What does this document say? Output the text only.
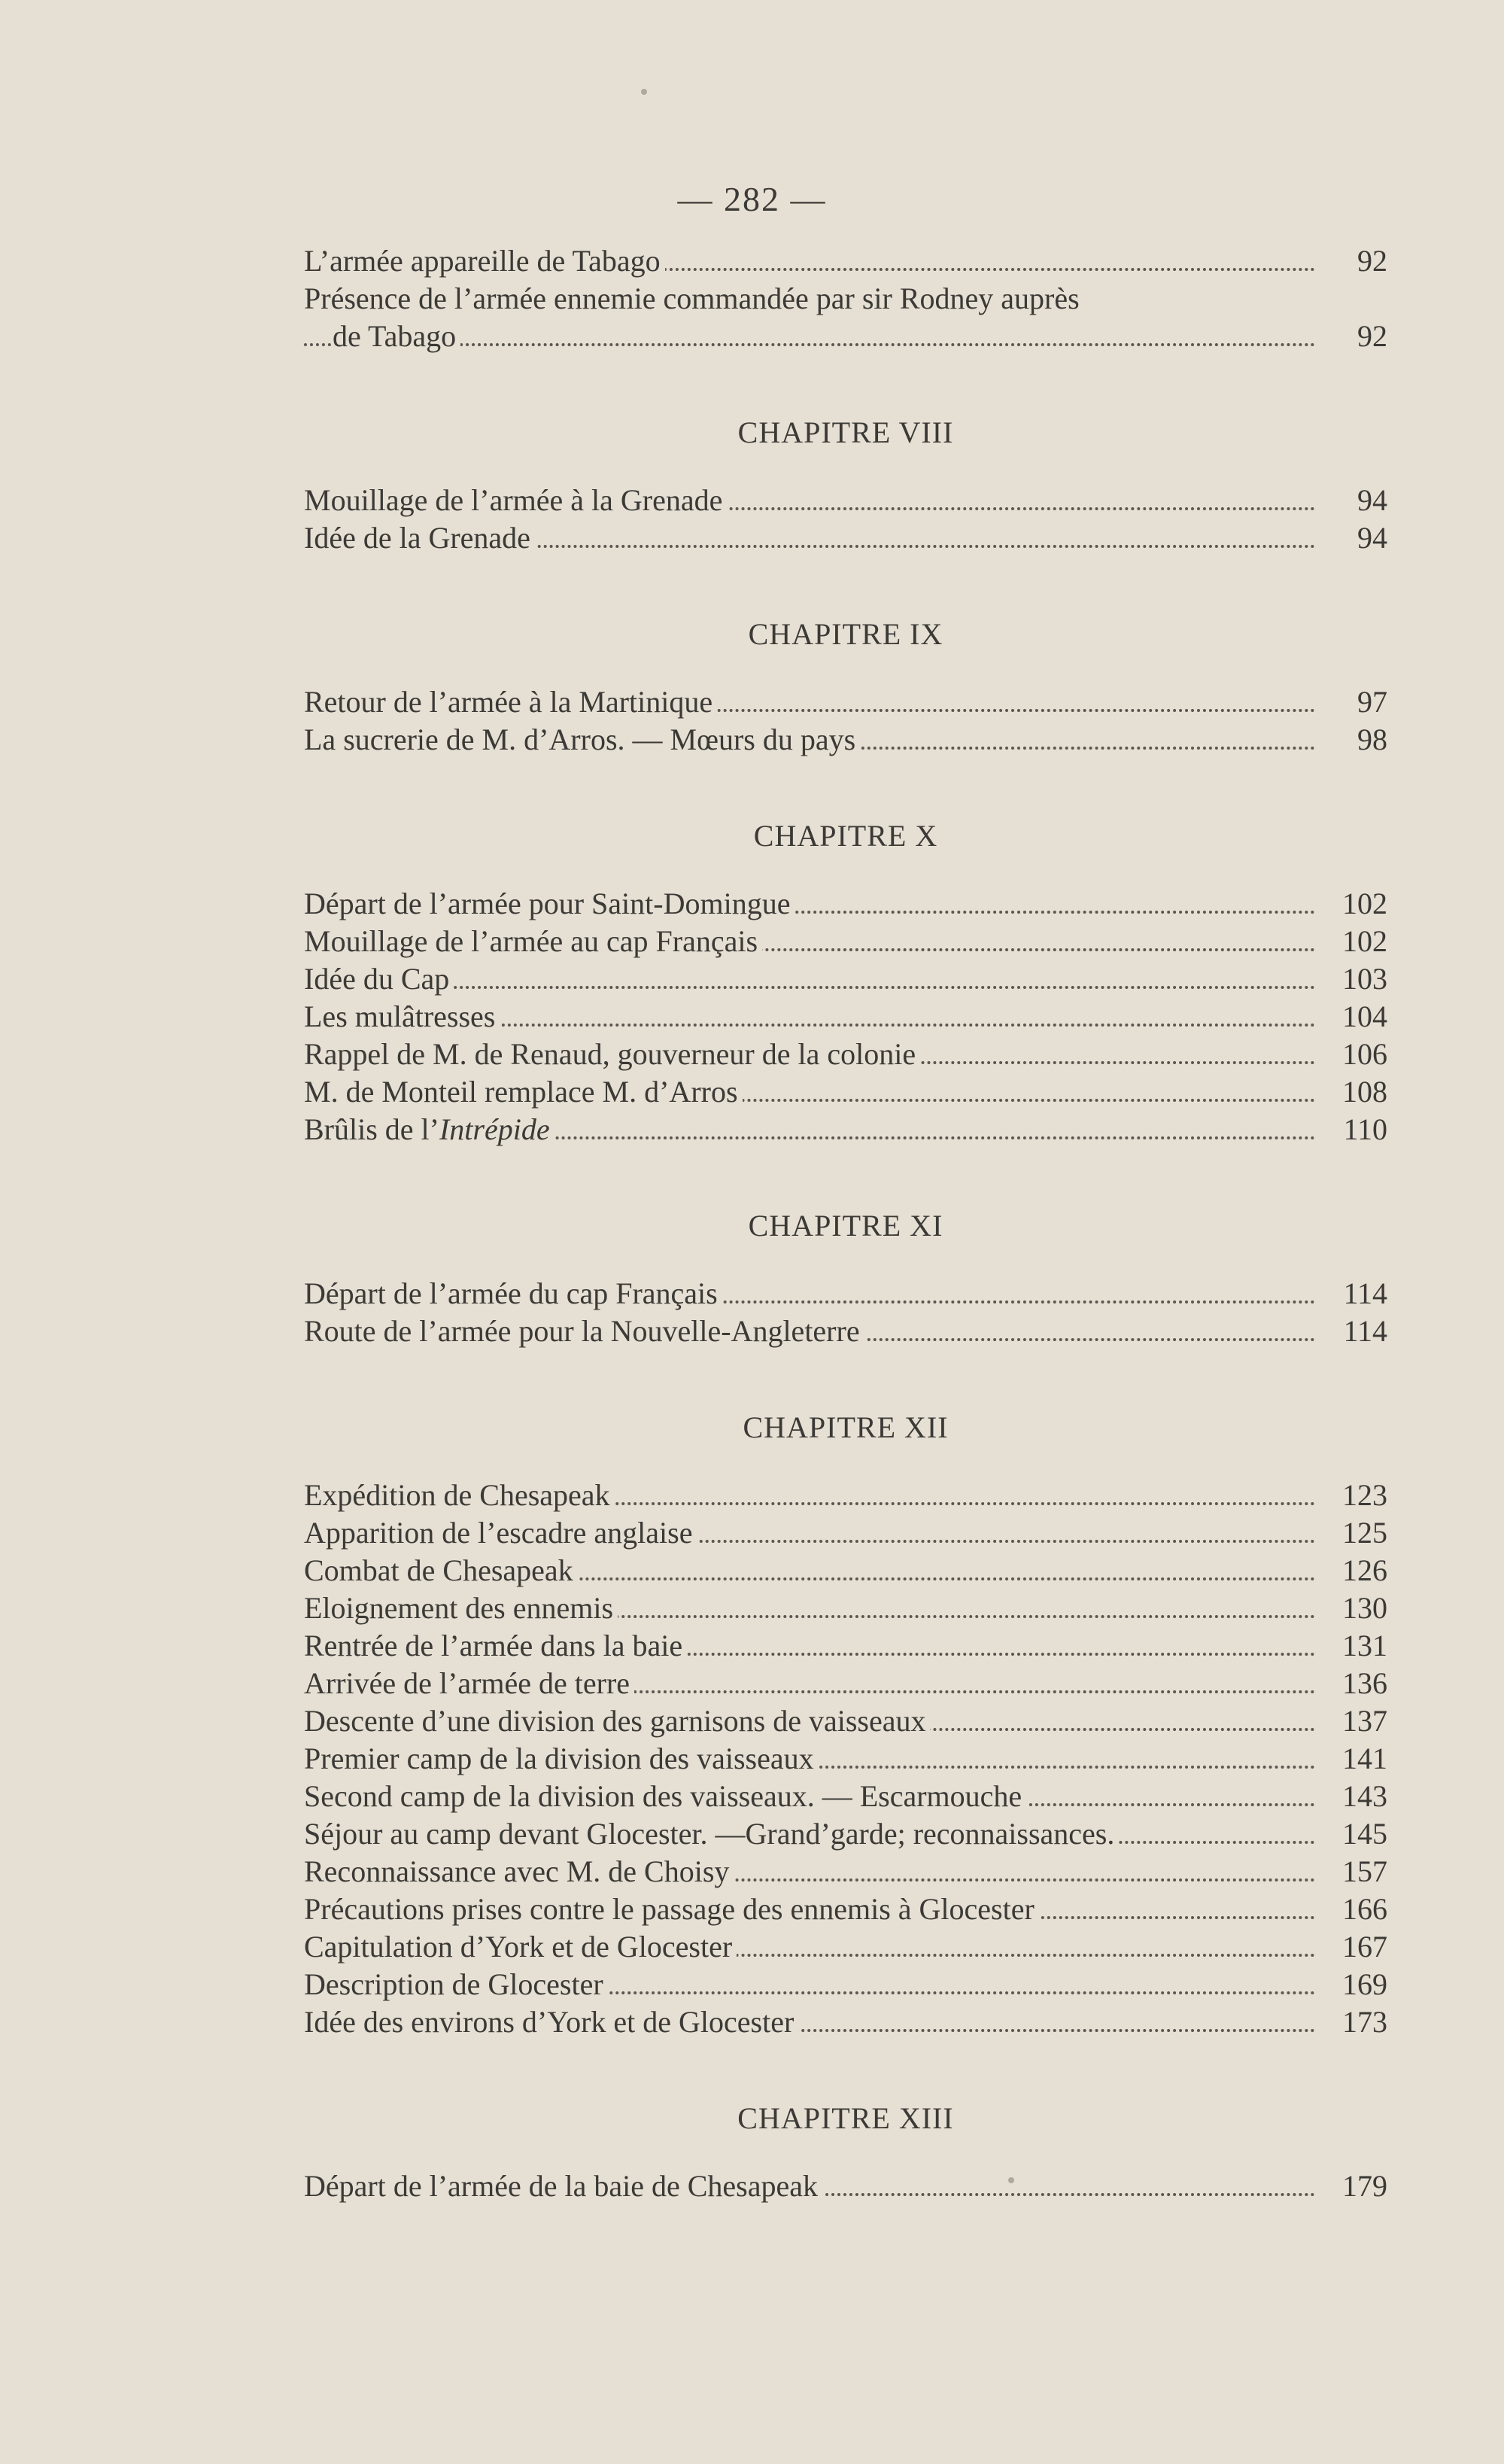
— 282 —
L’armée appareille de Tabago	92
Présence de l’armée ennemie commandée par sir Rodney auprès
de Tabago	92
CHAPITRE VIII
Mouillage de l’armée à la Grenade	94
Idée de la Grenade	94
CHAPITRE IX
Retour de l’armée à la Martinique	97
La sucrerie de M. d’Arros. — Mœurs du pays	98
CHAPITRE X
Départ de l’armée pour Saint-Domingue	102
Mouillage de l’armée au cap Français	102
Idée du Cap	103
Les mulâtresses	104
Rappel de M. de Renaud, gouverneur de la colonie	106
M. de Monteil remplace M. d’Arros	108
Brûlis de l’Intrépide	110
CHAPITRE XI
Départ de l’armée du cap Français	114
Route de l’armée pour la Nouvelle-Angleterre	114
CHAPITRE XII
Expédition de Chesapeak	123
Apparition de l’escadre anglaise	125
Combat de Chesapeak	126
Eloignement des ennemis	130
Rentrée de l’armée dans la baie	131
Arrivée de l’armée de terre	136
Descente d’une division des garnisons de vaisseaux	137
Premier camp de la division des vaisseaux	141
Second camp de la division des vaisseaux. — Escarmouche	143
Séjour au camp devant Glocester. —Grand’garde; reconnaissances.	145
Reconnaissance avec M. de Choisy	157
Précautions prises contre le passage des ennemis à Glocester	166
Capitulation d’York et de Glocester	167
Description de Glocester	169
Idée des environs d’York et de Glocester	173
CHAPITRE XIII
Départ de l’armée de la baie de Chesapeak	179
